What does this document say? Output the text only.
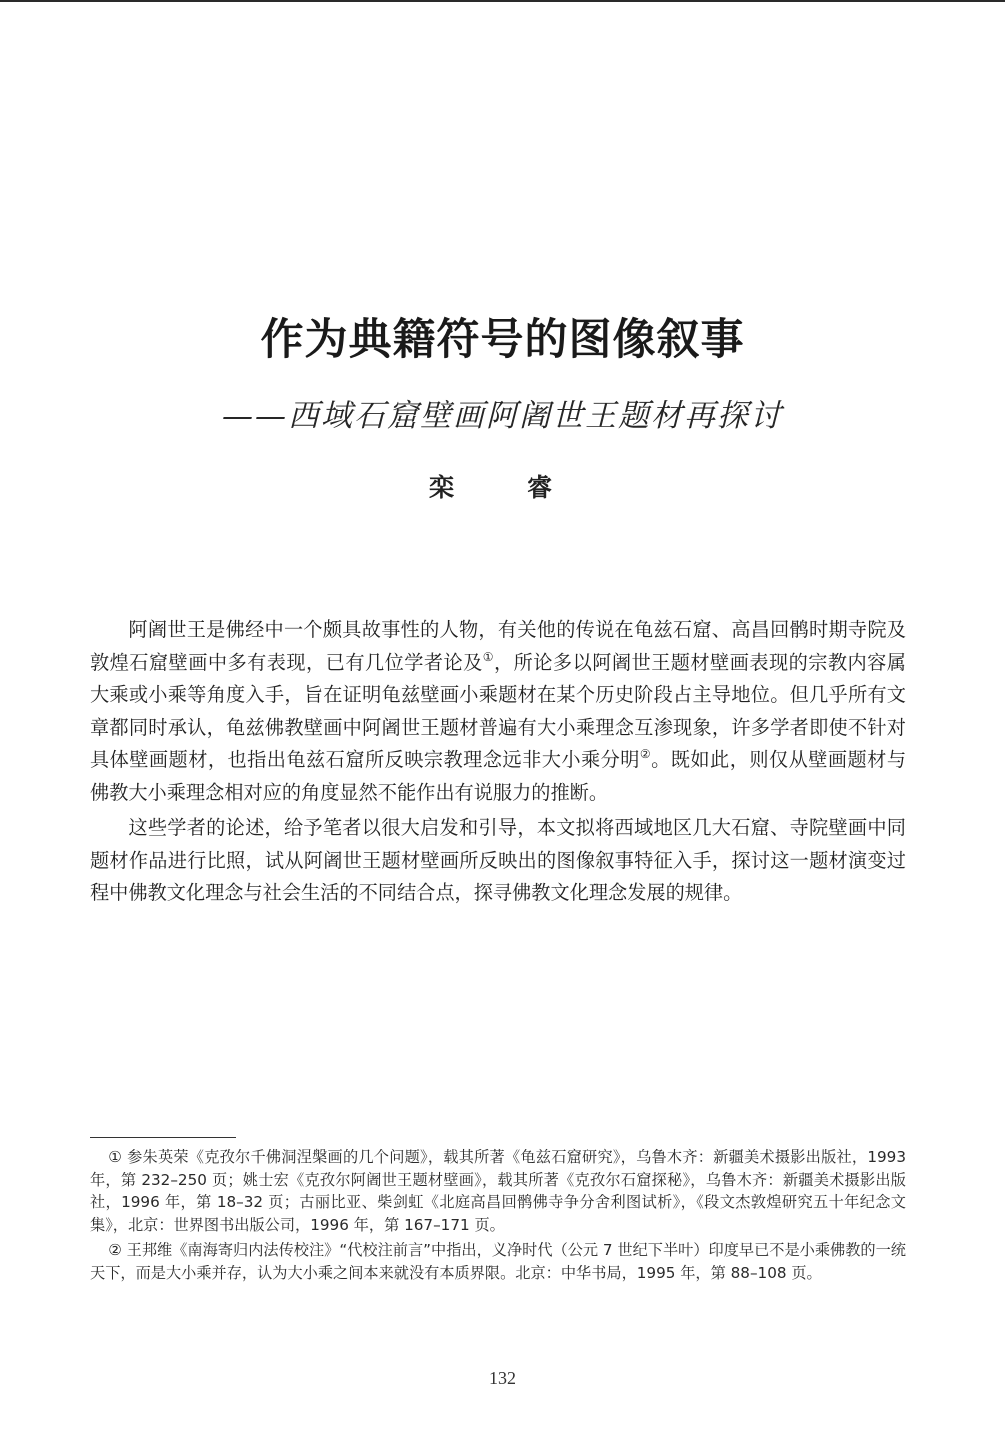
作为典籍符号的图像叙事
——西域石窟壁画阿阇世王题材再探讨
栾　睿

阿阇世王是佛经中一个颇具故事性的人物，有关他的传说在龟兹石窟、高昌回鹘时期寺院及敦煌石窟壁画中多有表现，已有几位学者论及①，所论多以阿阇世王题材壁画表现的宗教内容属大乘或小乘等角度入手，旨在证明龟兹壁画小乘题材在某个历史阶段占主导地位。但几乎所有文章都同时承认，龟兹佛教壁画中阿阇世王题材普遍有大小乘理念互渗现象，许多学者即使不针对具体壁画题材，也指出龟兹石窟所反映宗教理念远非大小乘分明②。既如此，则仅从壁画题材与佛教大小乘理念相对应的角度显然不能作出有说服力的推断。

这些学者的论述，给予笔者以很大启发和引导，本文拟将西域地区几大石窟、寺院壁画中同题材作品进行比照，试从阿阇世王题材壁画所反映出的图像叙事特征入手，探讨这一题材演变过程中佛教文化理念与社会生活的不同结合点，探寻佛教文化理念发展的规律。

① 参朱英荣《克孜尔千佛洞涅槃画的几个问题》，载其所著《龟兹石窟研究》，乌鲁木齐：新疆美术摄影出版社，1993 年，第 232–250 页；姚士宏《克孜尔阿阇世王题材壁画》，载其所著《克孜尔石窟探秘》，乌鲁木齐：新疆美术摄影出版社，1996 年，第 18–32 页；古丽比亚、柴剑虹《北庭高昌回鹘佛寺争分舍利图试析》，《段文杰敦煌研究五十年纪念文集》，北京：世界图书出版公司，1996 年，第 167–171 页。

② 王邦维《南海寄归内法传校注》“代校注前言”中指出，义净时代（公元 7 世纪下半叶）印度早已不是小乘佛教的一统天下，而是大小乘并存，认为大小乘之间本来就没有本质界限。北京：中华书局，1995 年，第 88–108 页。

132
